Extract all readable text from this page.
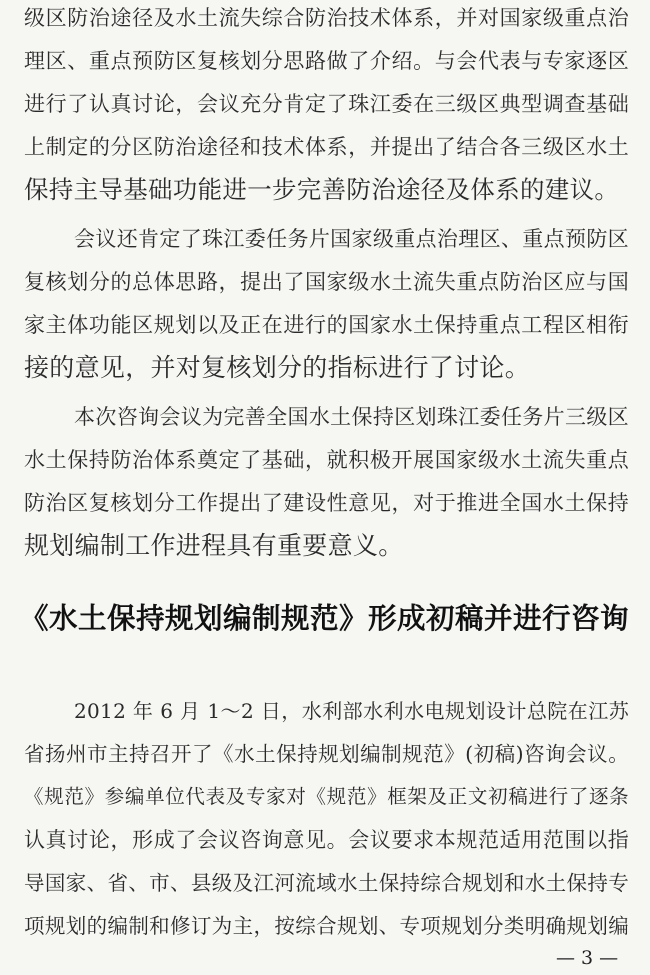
级区防治途径及水土流失综合防治技术体系，并对国家级重点治
理区、重点预防区复核划分思路做了介绍。与会代表与专家逐区
进行了认真讨论，会议充分肯定了珠江委在三级区典型调查基础
上制定的分区防治途径和技术体系，并提出了结合各三级区水土
保持主导基础功能进一步完善防治途径及体系的建议。
会议还肯定了珠江委任务片国家级重点治理区、重点预防区
复核划分的总体思路，提出了国家级水土流失重点防治区应与国
家主体功能区规划以及正在进行的国家水土保持重点工程区相衔
接的意见，并对复核划分的指标进行了讨论。
本次咨询会议为完善全国水土保持区划珠江委任务片三级区
水土保持防治体系奠定了基础，就积极开展国家级水土流失重点
防治区复核划分工作提出了建设性意见，对于推进全国水土保持
规划编制工作进程具有重要意义。
《水土保持规划编制规范》形成初稿并进行咨询
2012 年 6 月 1～2 日，水利部水利水电规划设计总院在江苏
省扬州市主持召开了《水土保持规划编制规范》(初稿)咨询会议。
《规范》参编单位代表及专家对《规范》框架及正文初稿进行了逐条
认真讨论，形成了会议咨询意见。会议要求本规范适用范围以指
导国家、省、市、县级及江河流域水土保持综合规划和水土保持专
项规划的编制和修订为主，按综合规划、专项规划分类明确规划编
— 3 —
